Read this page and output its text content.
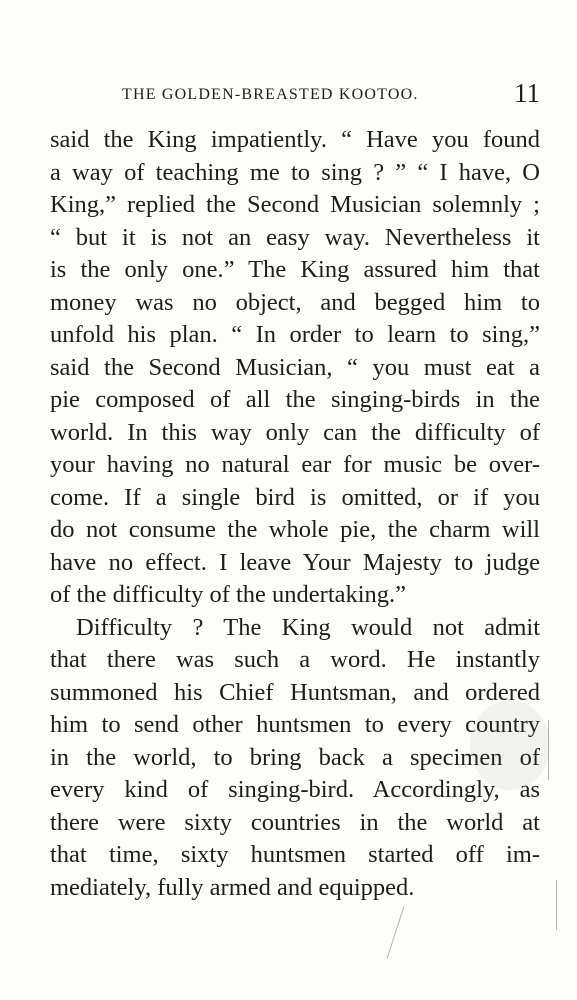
THE GOLDEN-BREASTED KOOTOO.	11
said the King impatiently. “ Have you found
a way of teaching me to sing ? ” “ I have, O
King,” replied the Second Musician solemnly ;
“ but it is not an easy way. Nevertheless it
is the only one.” The King assured him that
money was no object, and begged him to
unfold his plan. “ In order to learn to sing,”
said the Second Musician, “ you must eat a
pie composed of all the singing-birds in the
world. In this way only can the difficulty of
your having no natural ear for music be over-
come. If a single bird is omitted, or if you
do not consume the whole pie, the charm will
have no effect. I leave Your Majesty to judge
of the difficulty of the undertaking.”
Difficulty ? The King would not admit
that there was such a word. He instantly
summoned his Chief Huntsman, and ordered
him to send other huntsmen to every country
in the world, to bring back a specimen of
every kind of singing-bird. Accordingly, as
there were sixty countries in the world at
that time, sixty huntsmen started off im-
mediately, fully armed and equipped.
